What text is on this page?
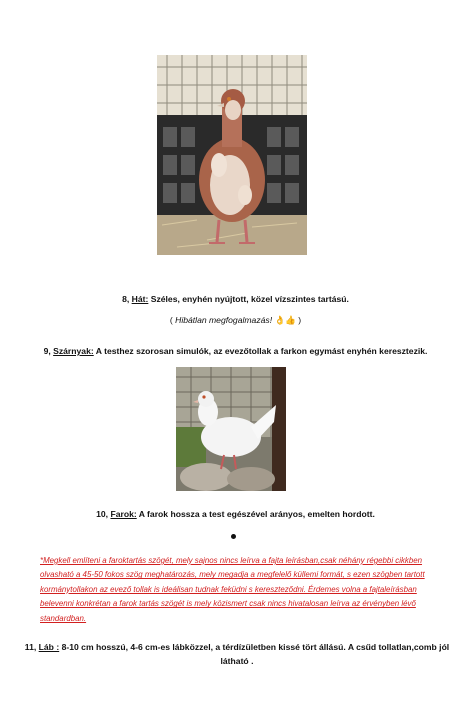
8, Hát: Széles, enyhén nyújtott, közel vízszintes tartású.
( Hibátlan megfogalmazás! 👌👍 )
9, Szárnyak: A testhez szorosan simulók, az evezőtollak a farkon egymást enyhén keresztezik.
10, Farok: A farok hossza a test egészével arányos, emelten hordott.
*Megkell említeni a faroktartás szögét, mely sajnos nincs leírva a fajta leírásban,csak néhány régebbi cikkben olvasható a 45-50 fokos szög meghatározás, mely megadja a megfelelő küllemi formát, s ezen szögben tartott kormánytollakon az evező tollak is ideálisan tudnak feküdni s kereszteződni. Érdemes volna a fajtaleírásban belevenni konkrétan a farok tartás szögét is mely közismert csak nincs hivatalosan leírva az érvényben lévő standardban.
11, Láb : 8-10 cm hosszú, 4-6 cm-es lábközzel, a térdízületben kissé tört állású. A csűd tollatlan,comb jól látható .
